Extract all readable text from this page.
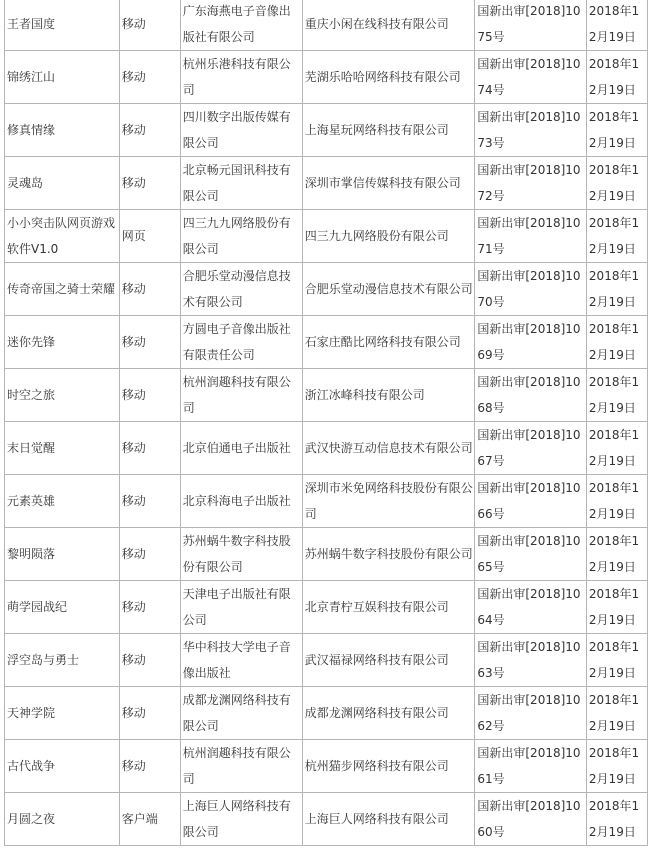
王者国度	移动	广东海燕电子音像出版社有限公司	重庆小闲在线科技有限公司	国新出审[2018]1075号	2018年12月19日
锦绣江山	移动	杭州乐港科技有限公司	芜湖乐哈哈网络科技有限公司	国新出审[2018]1074号	2018年12月19日
修真情缘	移动	四川数字出版传媒有限公司	上海星玩网络科技有限公司	国新出审[2018]1073号	2018年12月19日
灵魂岛	移动	北京畅元国讯科技有限公司	深圳市掌信传媒科技有限公司	国新出审[2018]1072号	2018年12月19日
小小突击队网页游戏软件V1.0	网页	四三九九网络股份有限公司	四三九九网络股份有限公司	国新出审[2018]1071号	2018年12月19日
传奇帝国之骑士荣耀	移动	合肥乐堂动漫信息技术有限公司	合肥乐堂动漫信息技术有限公司	国新出审[2018]1070号	2018年12月19日
迷你先锋	移动	方圆电子音像出版社有限责任公司	石家庄酷比网络科技有限公司	国新出审[2018]1069号	2018年12月19日
时空之旅	移动	杭州润趣科技有限公司	浙江冰峰科技有限公司	国新出审[2018]1068号	2018年12月19日
末日觉醒	移动	北京伯通电子出版社	武汉快游互动信息技术有限公司	国新出审[2018]1067号	2018年12月19日
元素英雄	移动	北京科海电子出版社	深圳市米免网络科技股份有限公司	国新出审[2018]1066号	2018年12月19日
黎明陨落	移动	苏州蜗牛数字科技股份有限公司	苏州蜗牛数字科技股份有限公司	国新出审[2018]1065号	2018年12月19日
萌学园战纪	移动	天津电子出版社有限公司	北京青柠互娱科技有限公司	国新出审[2018]1064号	2018年12月19日
浮空岛与勇士	移动	华中科技大学电子音像出版社	武汉福禄网络科技有限公司	国新出审[2018]1063号	2018年12月19日
天神学院	移动	成都龙渊网络科技有限公司	成都龙渊网络科技有限公司	国新出审[2018]1062号	2018年12月19日
古代战争	移动	杭州润趣科技有限公司	杭州猫步网络科技有限公司	国新出审[2018]1061号	2018年12月19日
月圆之夜	客户端	上海巨人网络科技有限公司	上海巨人网络科技有限公司	国新出审[2018]1060号	2018年12月19日
